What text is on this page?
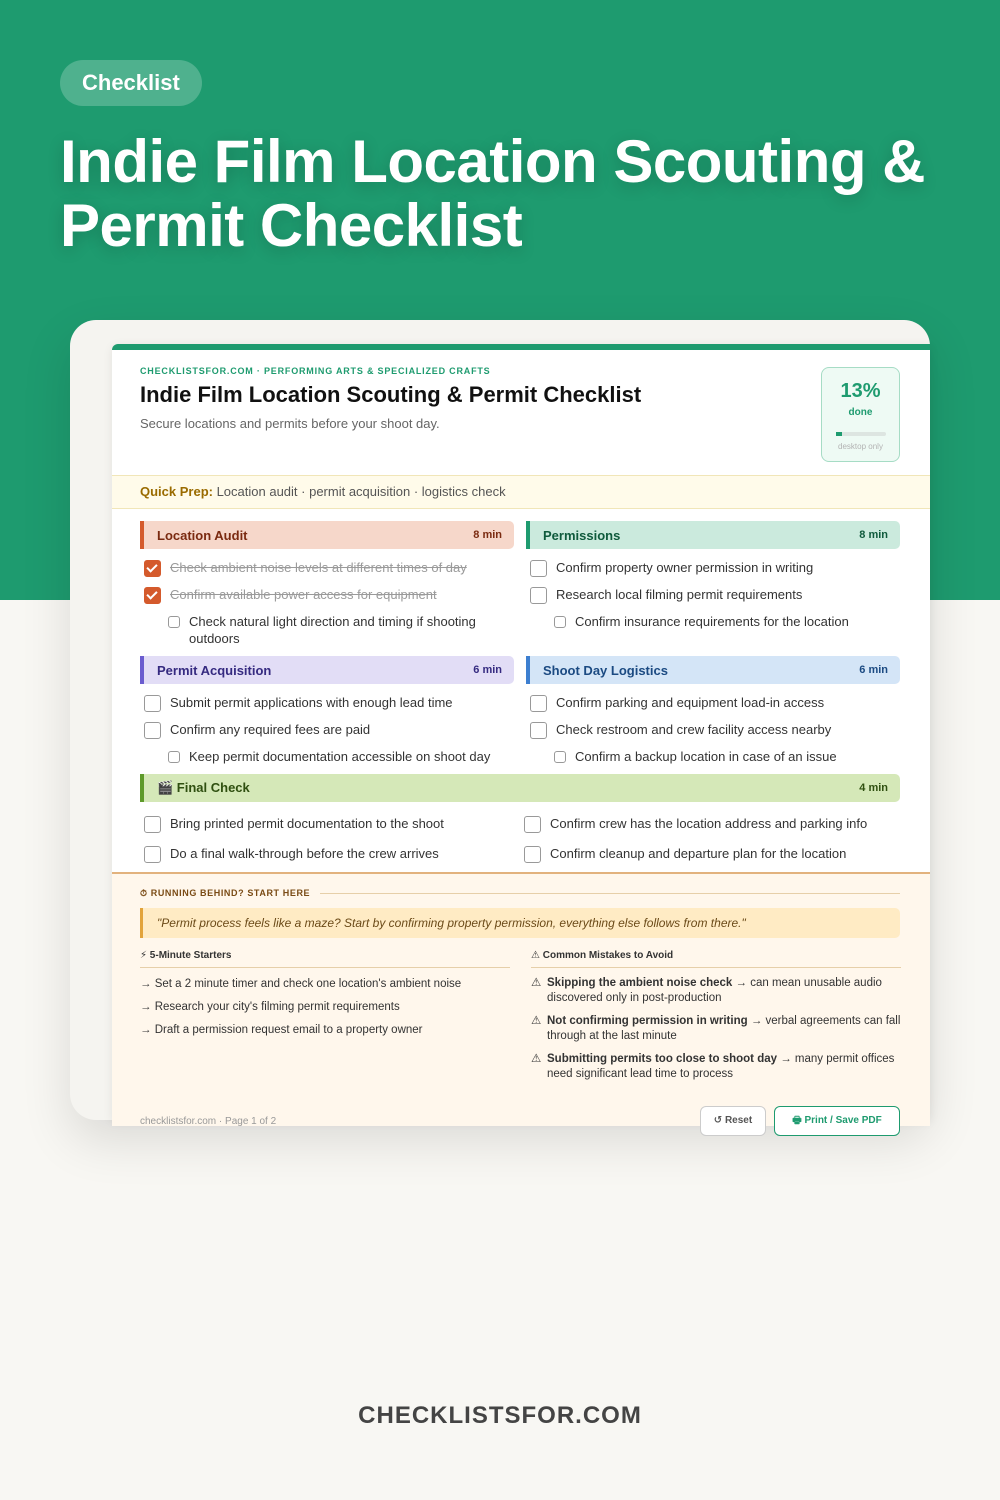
Checklist
Indie Film Location Scouting & Permit Checklist
CHECKLISTSFOR.COM · PERFORMING ARTS & SPECIALIZED CRAFTS
Indie Film Location Scouting & Permit Checklist
Secure locations and permits before your shoot day.
13%
done
desktop only
Quick Prep: Location audit · permit acquisition · logistics check
Location Audit	8 min
Check ambient noise levels at different times of day
Confirm available power access for equipment
Check natural light direction and timing if shooting outdoors
Permissions	8 min
Confirm property owner permission in writing
Research local filming permit requirements
Confirm insurance requirements for the location
Permit Acquisition	6 min
Submit permit applications with enough lead time
Confirm any required fees are paid
Keep permit documentation accessible on shoot day
Shoot Day Logistics	6 min
Confirm parking and equipment load-in access
Check restroom and crew facility access nearby
Confirm a backup location in case of an issue
🎬 Final Check	4 min
Bring printed permit documentation to the shoot
Do a final walk-through before the crew arrives
Confirm crew has the location address and parking info
Confirm cleanup and departure plan for the location
⏱ RUNNING BEHIND? START HERE
"Permit process feels like a maze? Start by confirming property permission, everything else follows from there."
⚡ 5-Minute Starters
→ Set a 2 minute timer and check one location's ambient noise
→ Research your city's filming permit requirements
→ Draft a permission request email to a property owner
⚠ Common Mistakes to Avoid
⚠ Skipping the ambient noise check → can mean unusable audio discovered only in post-production
⚠ Not confirming permission in writing → verbal agreements can fall through at the last minute
⚠ Submitting permits too close to shoot day → many permit offices need significant lead time to process
checklistsfor.com · Page 1 of 2	↺ Reset	🖶 Print / Save PDF
CHECKLISTSFOR.COM
